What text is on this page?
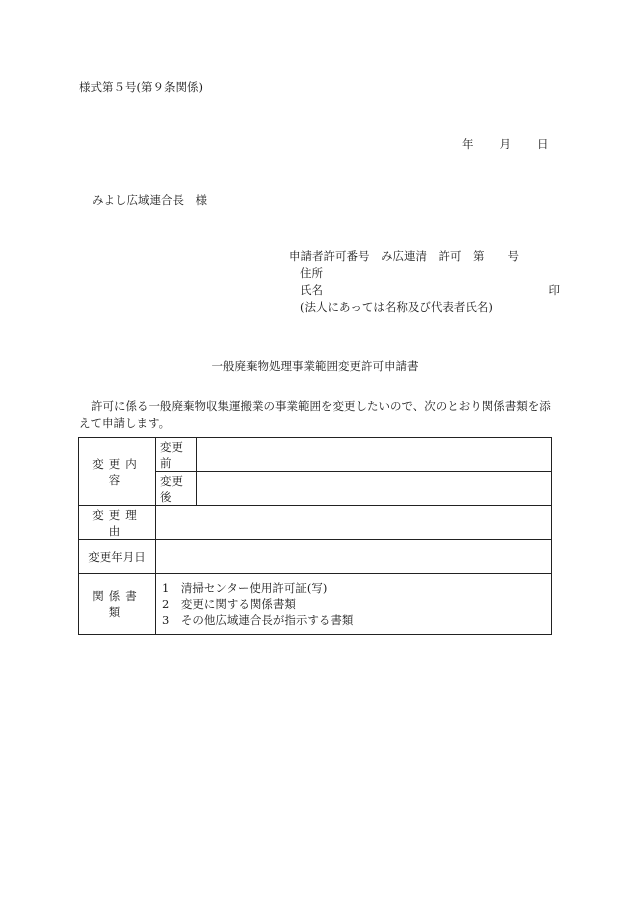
様式第５号(第９条関係)
年 月 日
みよし広域連合長　様
申請者許可番号　み広連清　許可　第　　号
住所
氏名	印
(法人にあっては名称及び代表者氏名)
一般廃棄物処理事業範囲変更許可申請書
許可に係る一般廃棄物収集運搬業の事業範囲を変更したいので、次のとおり関係書類を添えて申請します。
変更内容	変更前	
	変更後	
変更理由		
変更年月日		
関係書類	1　清掃センター使用許可証(写)
2　変更に関する関係書類
3　その他広域連合長が指示する書類	
